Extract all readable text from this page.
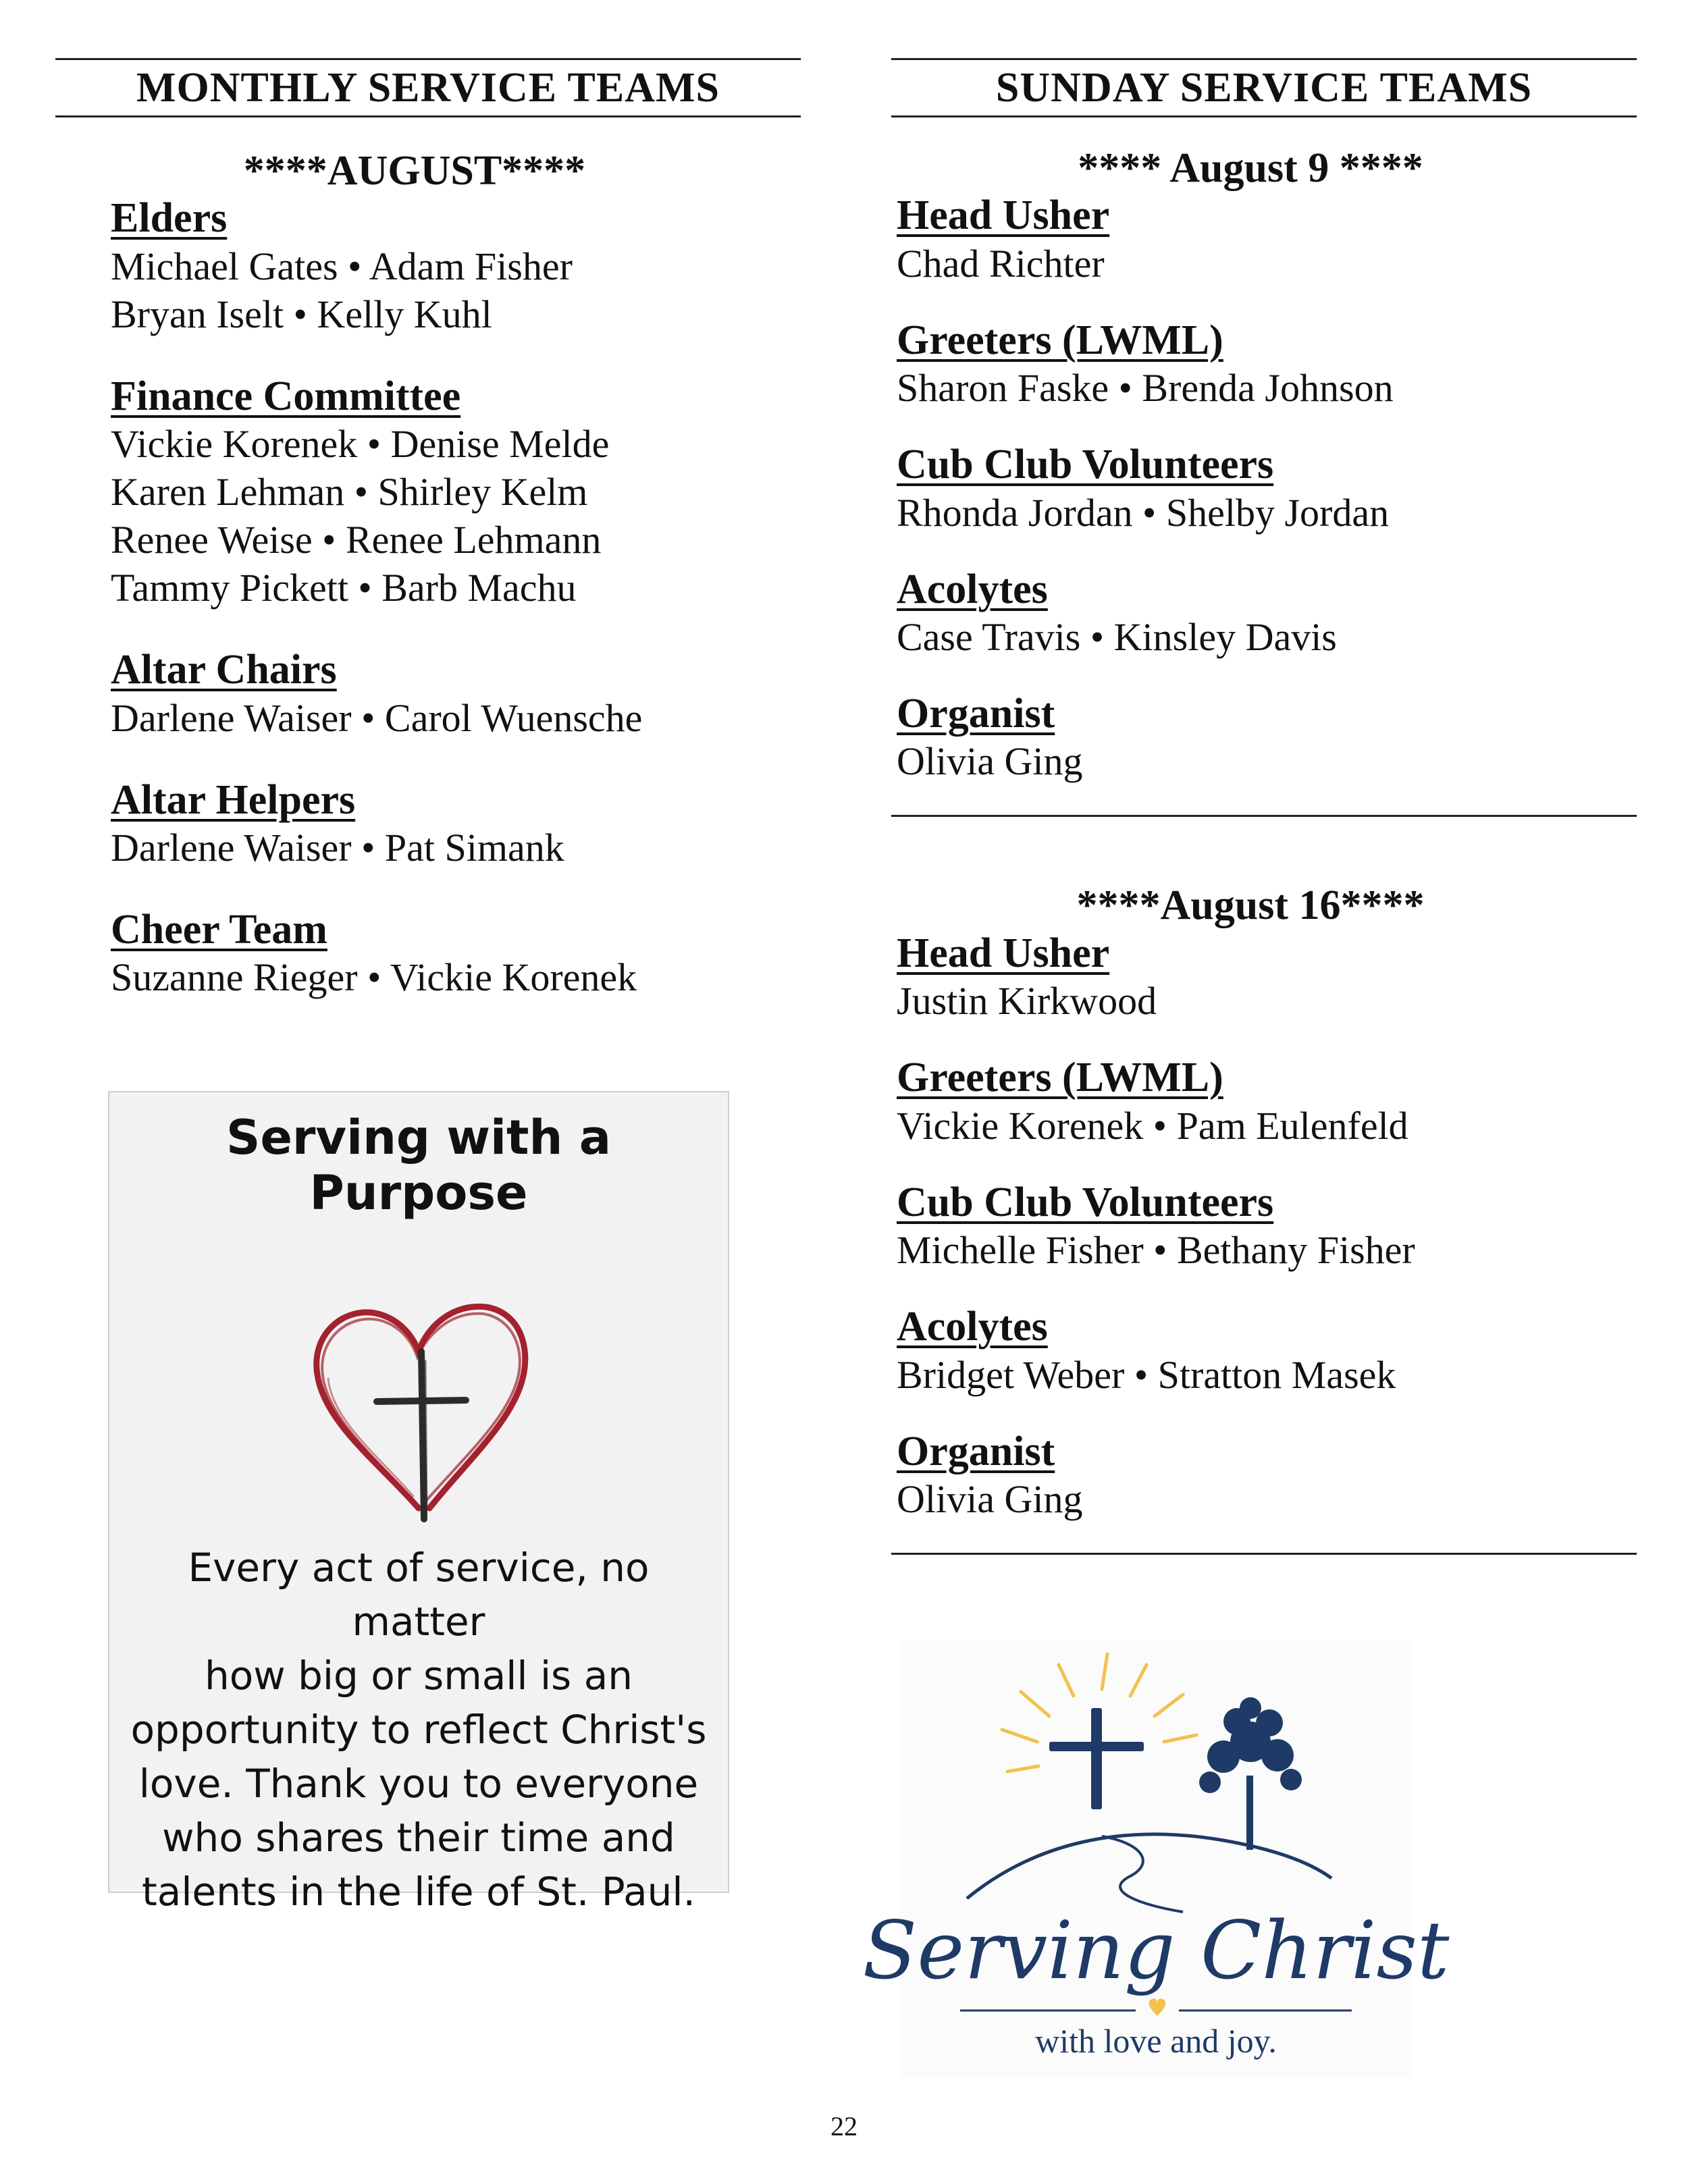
MONTHLY SERVICE TEAMS
****AUGUST****
Elders
Michael Gates • Adam Fisher
Bryan Iselt • Kelly Kuhl
Finance Committee
Vickie Korenek • Denise Melde
Karen Lehman • Shirley Kelm
Renee Weise • Renee Lehmann
Tammy Pickett • Barb Machu
Altar Chairs
Darlene Waiser • Carol Wuensche
Altar Helpers
Darlene Waiser • Pat Simank
Cheer Team
Suzanne Rieger • Vickie Korenek
Serving with a Purpose
Every act of service, no matter
how big or small is an
opportunity to reflect Christ's
love. Thank you to everyone
who shares their time and
talents in the life of St. Paul.
SUNDAY SERVICE TEAMS
**** August 9 ****
Head Usher
Chad Richter
Greeters (LWML)
Sharon Faske • Brenda Johnson
Cub Club Volunteers
Rhonda Jordan • Shelby Jordan
Acolytes
Case Travis • Kinsley Davis
Organist
Olivia Ging
****August 16****
Head Usher
Justin Kirkwood
Greeters (LWML)
Vickie Korenek • Pam Eulenfeld
Cub Club Volunteers
Michelle Fisher • Bethany Fisher
Acolytes
Bridget Weber • Stratton Masek
Organist
Olivia Ging
Serving Christ
with love and joy.
22
